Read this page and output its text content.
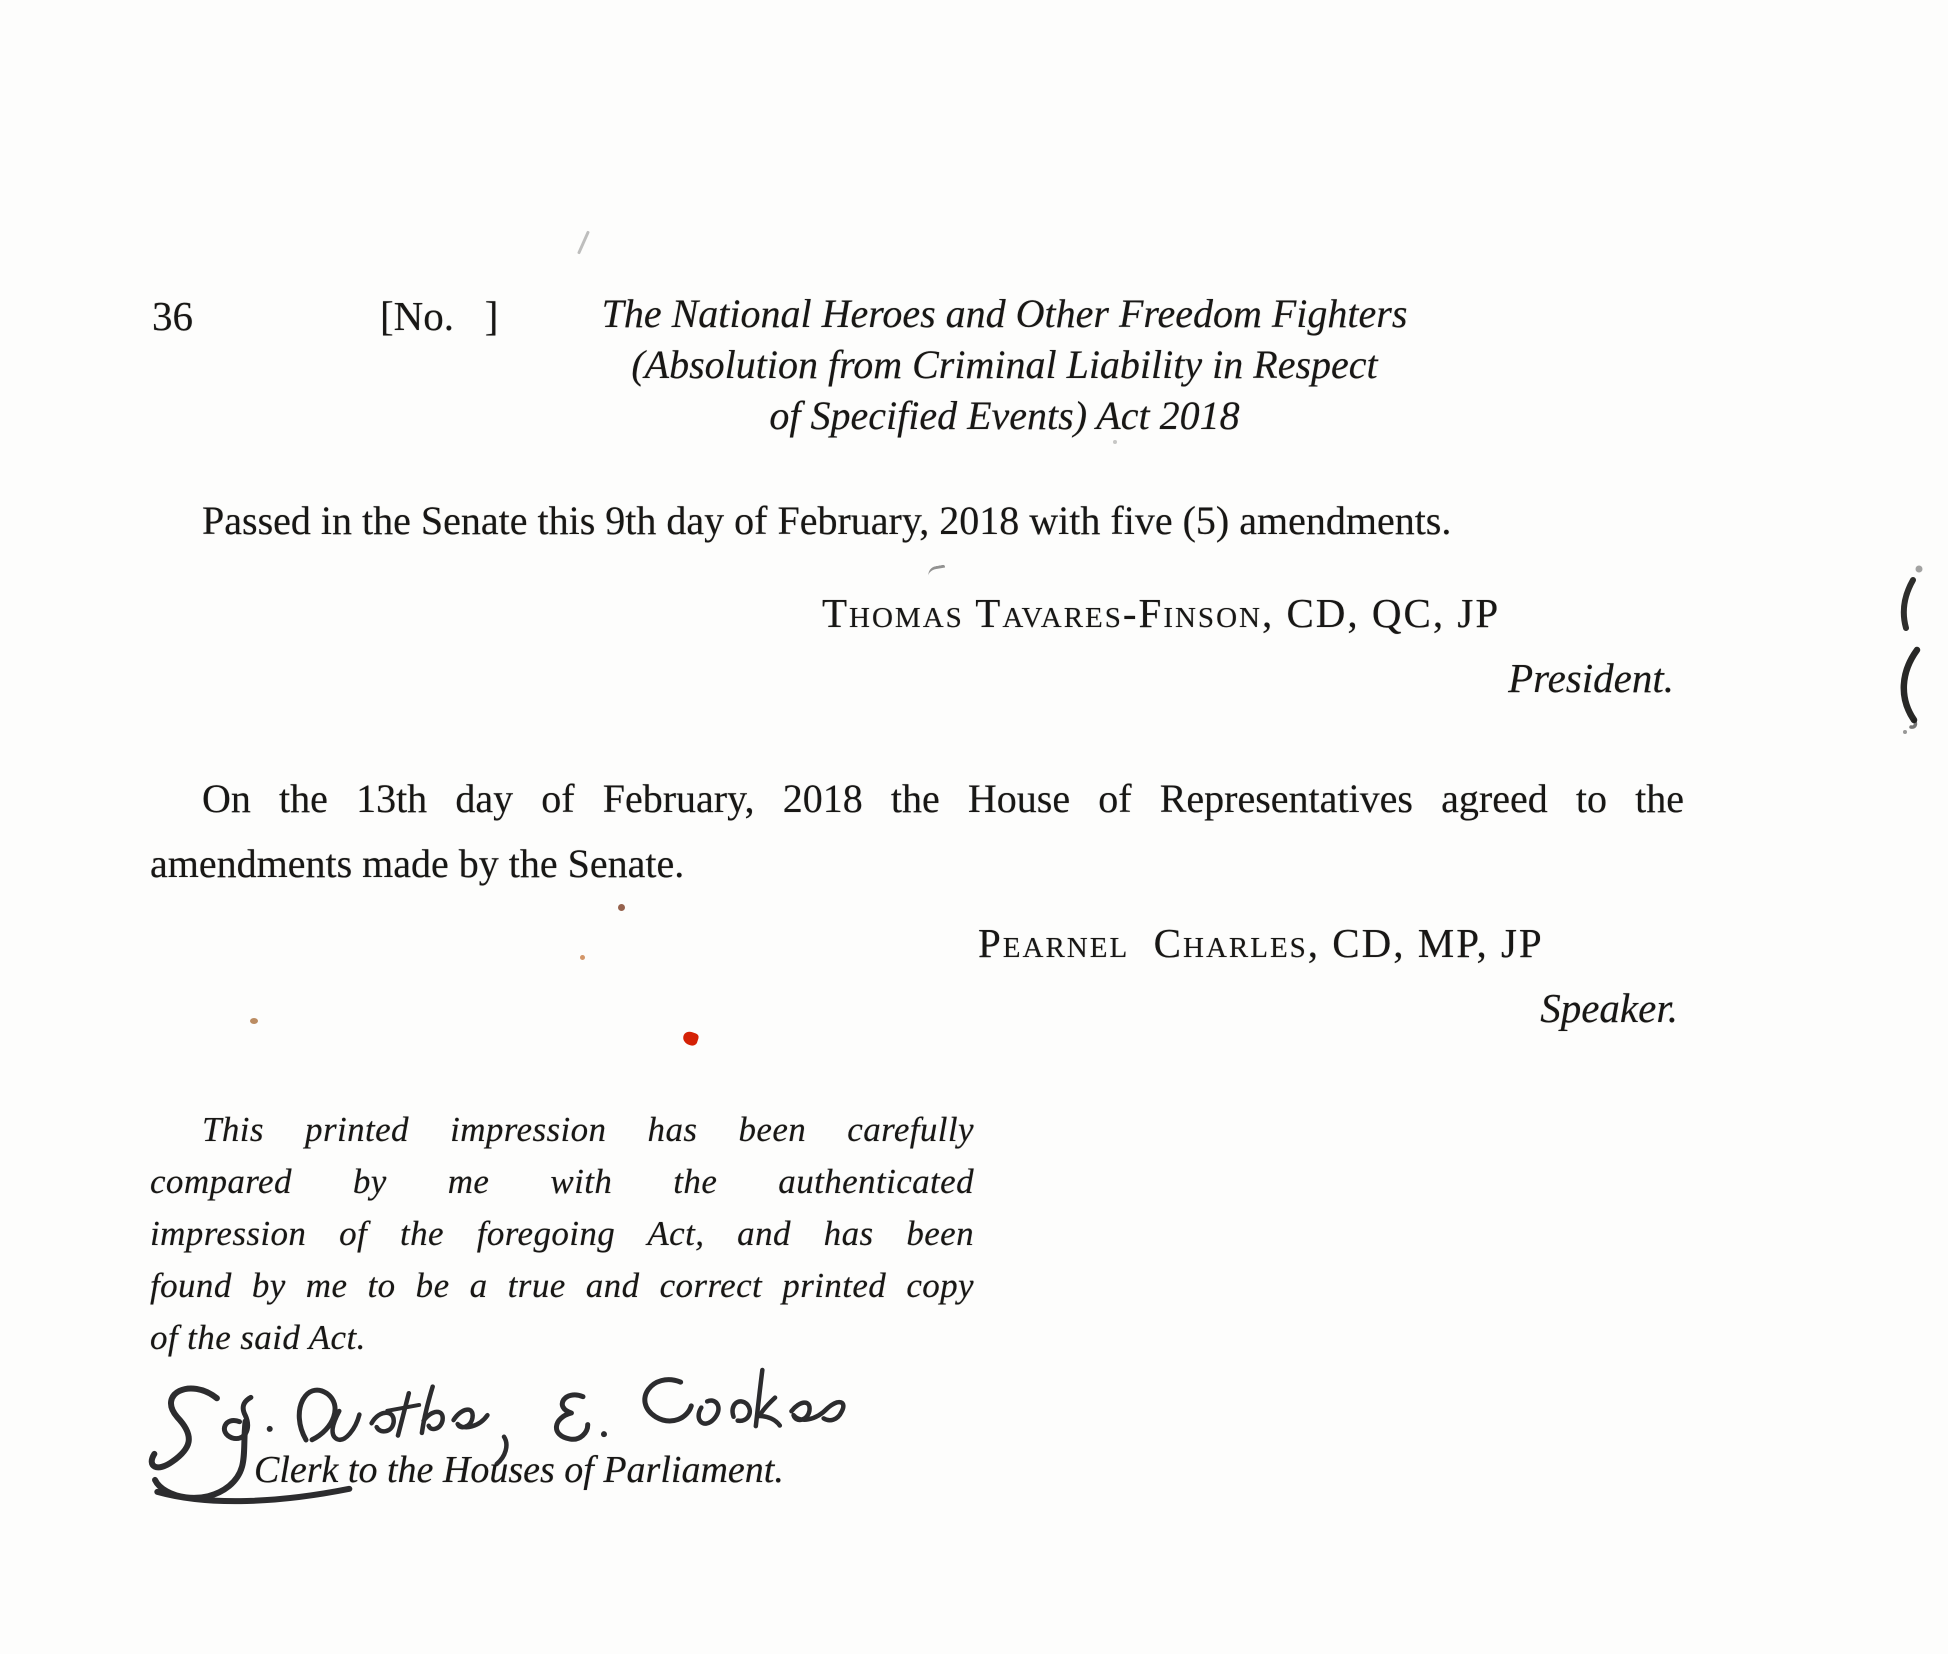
36	[No.   ]	The National Heroes and Other Freedom Fighters
(Absolution from Criminal Liability in Respect
of Specified Events) Act 2018
Passed in the Senate this 9th day of February, 2018 with five (5) amendments.
Thomas Tavares-Finson, CD, QC, JP
President.
On the 13th day of February, 2018 the House of Representatives agreed to the
amendments made by the Senate.
Pearnel  Charles, CD, MP, JP
Speaker.
This printed impression has been carefully
compared by me with the authenticated
impression of the foregoing Act, and has been
found by me to be a true and correct printed copy
of the said Act.
Clerk to the Houses of Parliament.
